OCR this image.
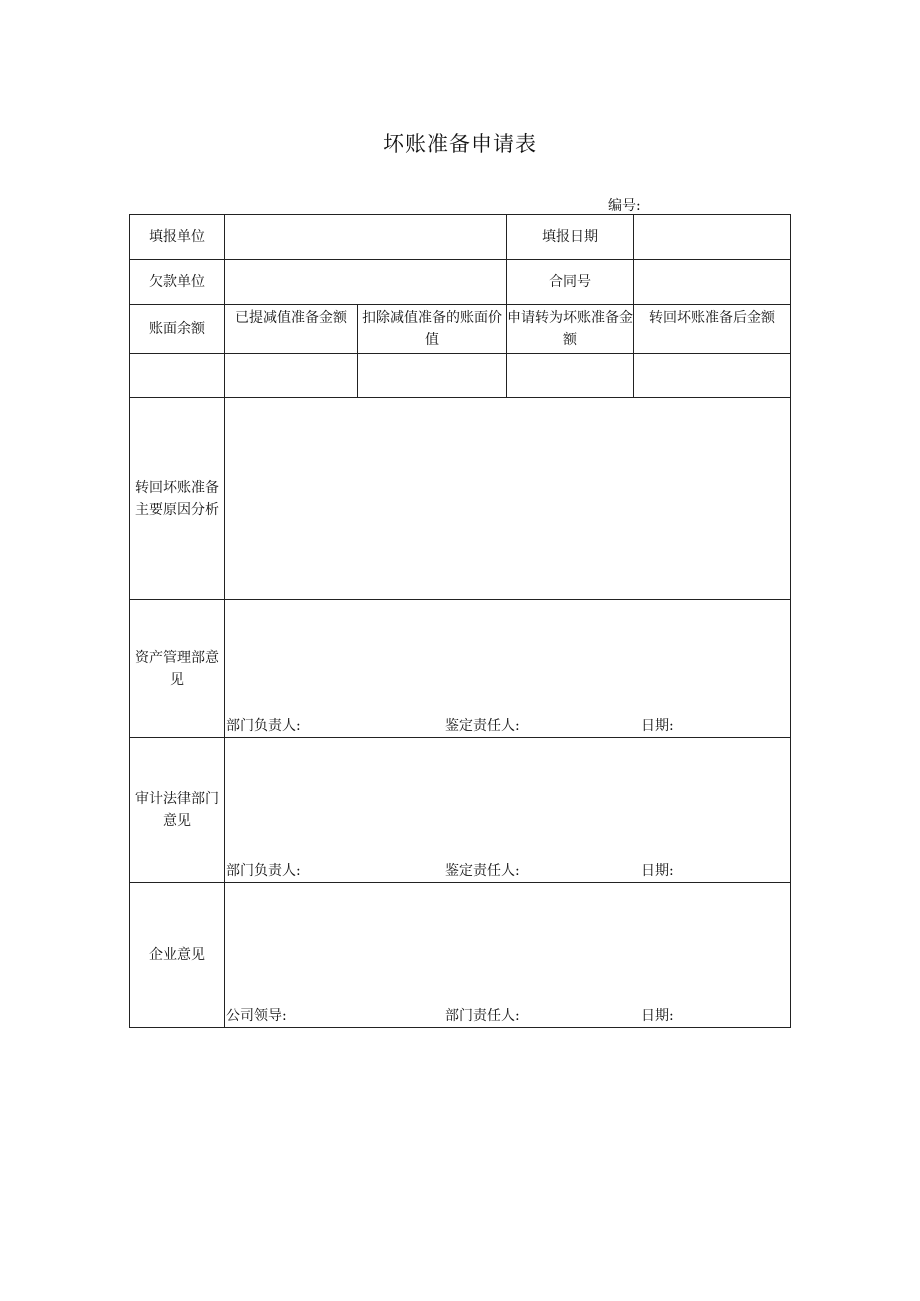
坏账准备申请表
编号:
填报单位			填报日期	
欠款单位			合同号	
账面余额	已提减值准备金额	扣除减值准备的账面价值	申请转为坏账准备金额	转回坏账准备后金额

转回坏账准备主要原因分析				
资产管理部意见	部门负责人: 鉴定责任人: 日期:			

审计法律部门意见	部门负责人: 鉴定责任人: 日期:			

企业意见	公司领导: 部门责任人: 日期:			
